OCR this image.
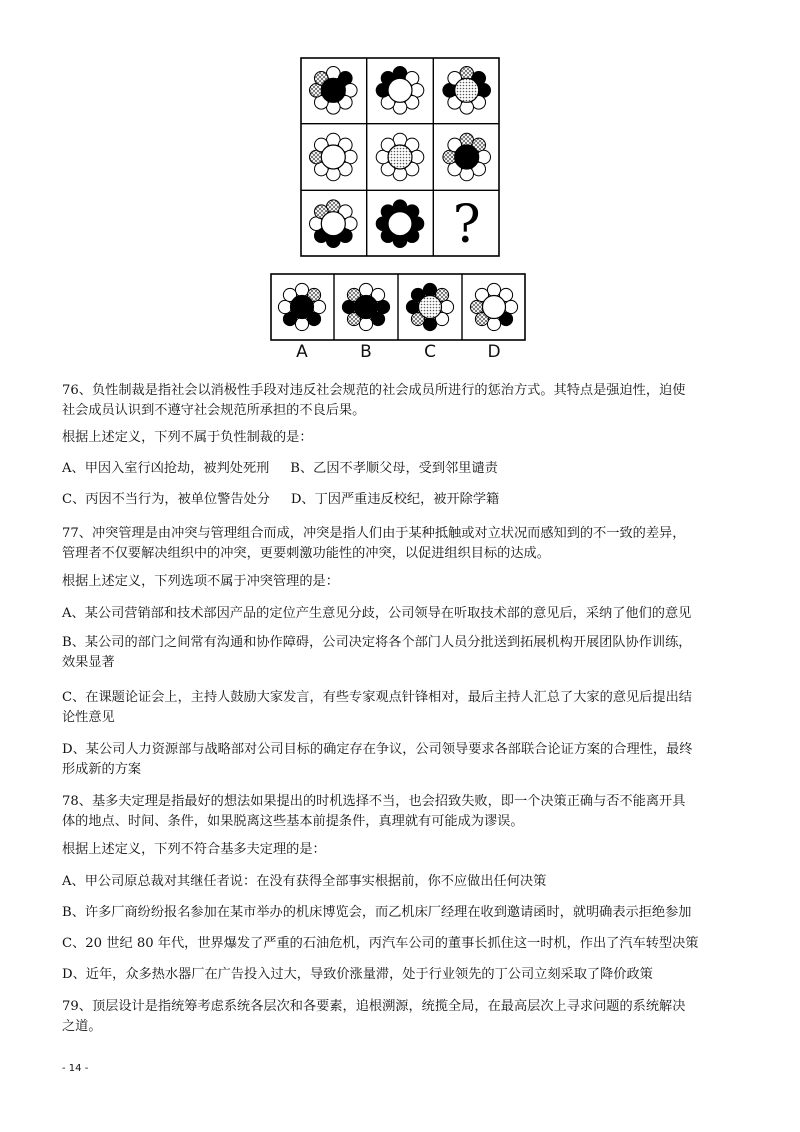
?
A	B	C	D
76、负性制裁是指社会以消极性手段对违反社会规范的社会成员所进行的惩治方式。其特点是强迫性，迫使
社会成员认识到不遵守社会规范所承担的不良后果。
根据上述定义，下列不属于负性制裁的是：
A、甲因入室行凶抢劫，被判处死刑     B、乙因不孝顺父母，受到邻里谴责
C、丙因不当行为，被单位警告处分     D、丁因严重违反校纪，被开除学籍
77、冲突管理是由冲突与管理组合而成，冲突是指人们由于某种抵触或对立状况而感知到的不一致的差异，
管理者不仅要解决组织中的冲突，更要刺激功能性的冲突，以促进组织目标的达成。
根据上述定义，下列选项不属于冲突管理的是：
A、某公司营销部和技术部因产品的定位产生意见分歧，公司领导在听取技术部的意见后，采纳了他们的意见
B、某公司的部门之间常有沟通和协作障碍，公司决定将各个部门人员分批送到拓展机构开展团队协作训练，
效果显著
C、在课题论证会上，主持人鼓励大家发言，有些专家观点针锋相对，最后主持人汇总了大家的意见后提出结
论性意见
D、某公司人力资源部与战略部对公司目标的确定存在争议，公司领导要求各部联合论证方案的合理性，最终
形成新的方案
78、基多夫定理是指最好的想法如果提出的时机选择不当，也会招致失败，即一个决策正确与否不能离开具
体的地点、时间、条件，如果脱离这些基本前提条件，真理就有可能成为谬误。
根据上述定义，下列不符合基多夫定理的是：
A、甲公司原总裁对其继任者说：在没有获得全部事实根据前，你不应做出任何决策
B、许多厂商纷纷报名参加在某市举办的机床博览会，而乙机床厂经理在收到邀请函时，就明确表示拒绝参加
C、20 世纪 80 年代，世界爆发了严重的石油危机，丙汽车公司的董事长抓住这一时机，作出了汽车转型决策
D、近年，众多热水器厂在广告投入过大，导致价涨量滞，处于行业领先的丁公司立刻采取了降价政策
79、顶层设计是指统筹考虑系统各层次和各要素，追根溯源，统揽全局，在最高层次上寻求问题的系统解决
之道。
- 14 -
